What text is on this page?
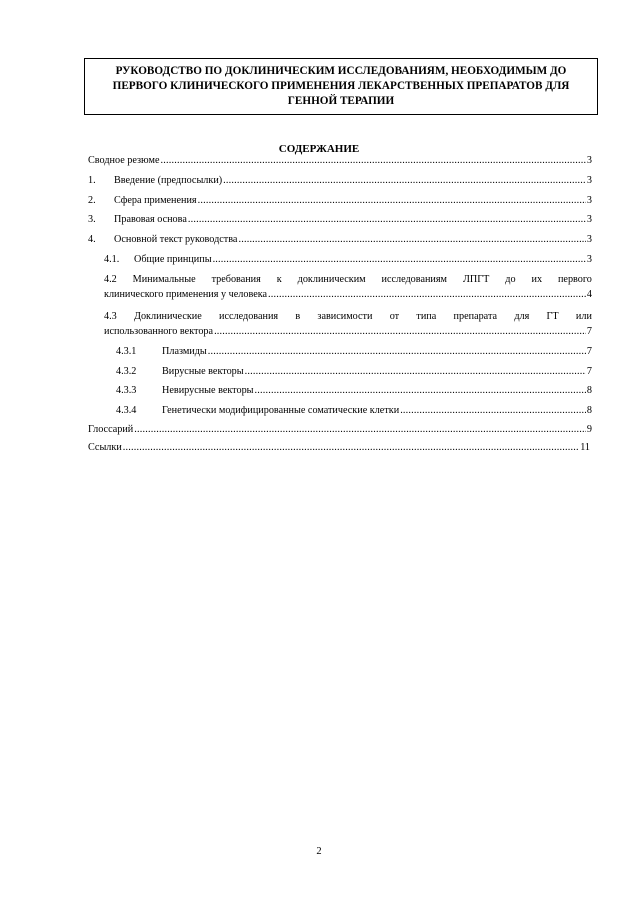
РУКОВОДСТВО ПО ДОКЛИНИЧЕСКИМ ИССЛЕДОВАНИЯМ, НЕОБХОДИМЫМ ДО ПЕРВОГО КЛИНИЧЕСКОГО ПРИМЕНЕНИЯ ЛЕКАРСТВЕННЫХ ПРЕПАРАТОВ ДЛЯ ГЕННОЙ ТЕРАПИИ
СОДЕРЖАНИЕ
Сводное резюме .....	3
1.	Введение (предпосылки) .....	3
2.	Сфера применения .....	3
3.	Правовая основа .....	3
4.	Основной текст руководства .....	3
4.1.	Общие принципы .....	3
4.2 Минимальные требования к доклиническим исследованиям ЛПГТ до их первого
клинического применения у человека .....	4
4.3 Доклинические исследования в зависимости от типа препарата для ГТ или
использованного вектора .....	7
4.3.1	Плазмиды .....	7
4.3.2	Вирусные векторы .....	7
4.3.3	Невирусные векторы .....	8
4.3.4	Генетически модифицированные соматические клетки .....	8
Глоссарий .....	9
Ссылки .....	11
2
